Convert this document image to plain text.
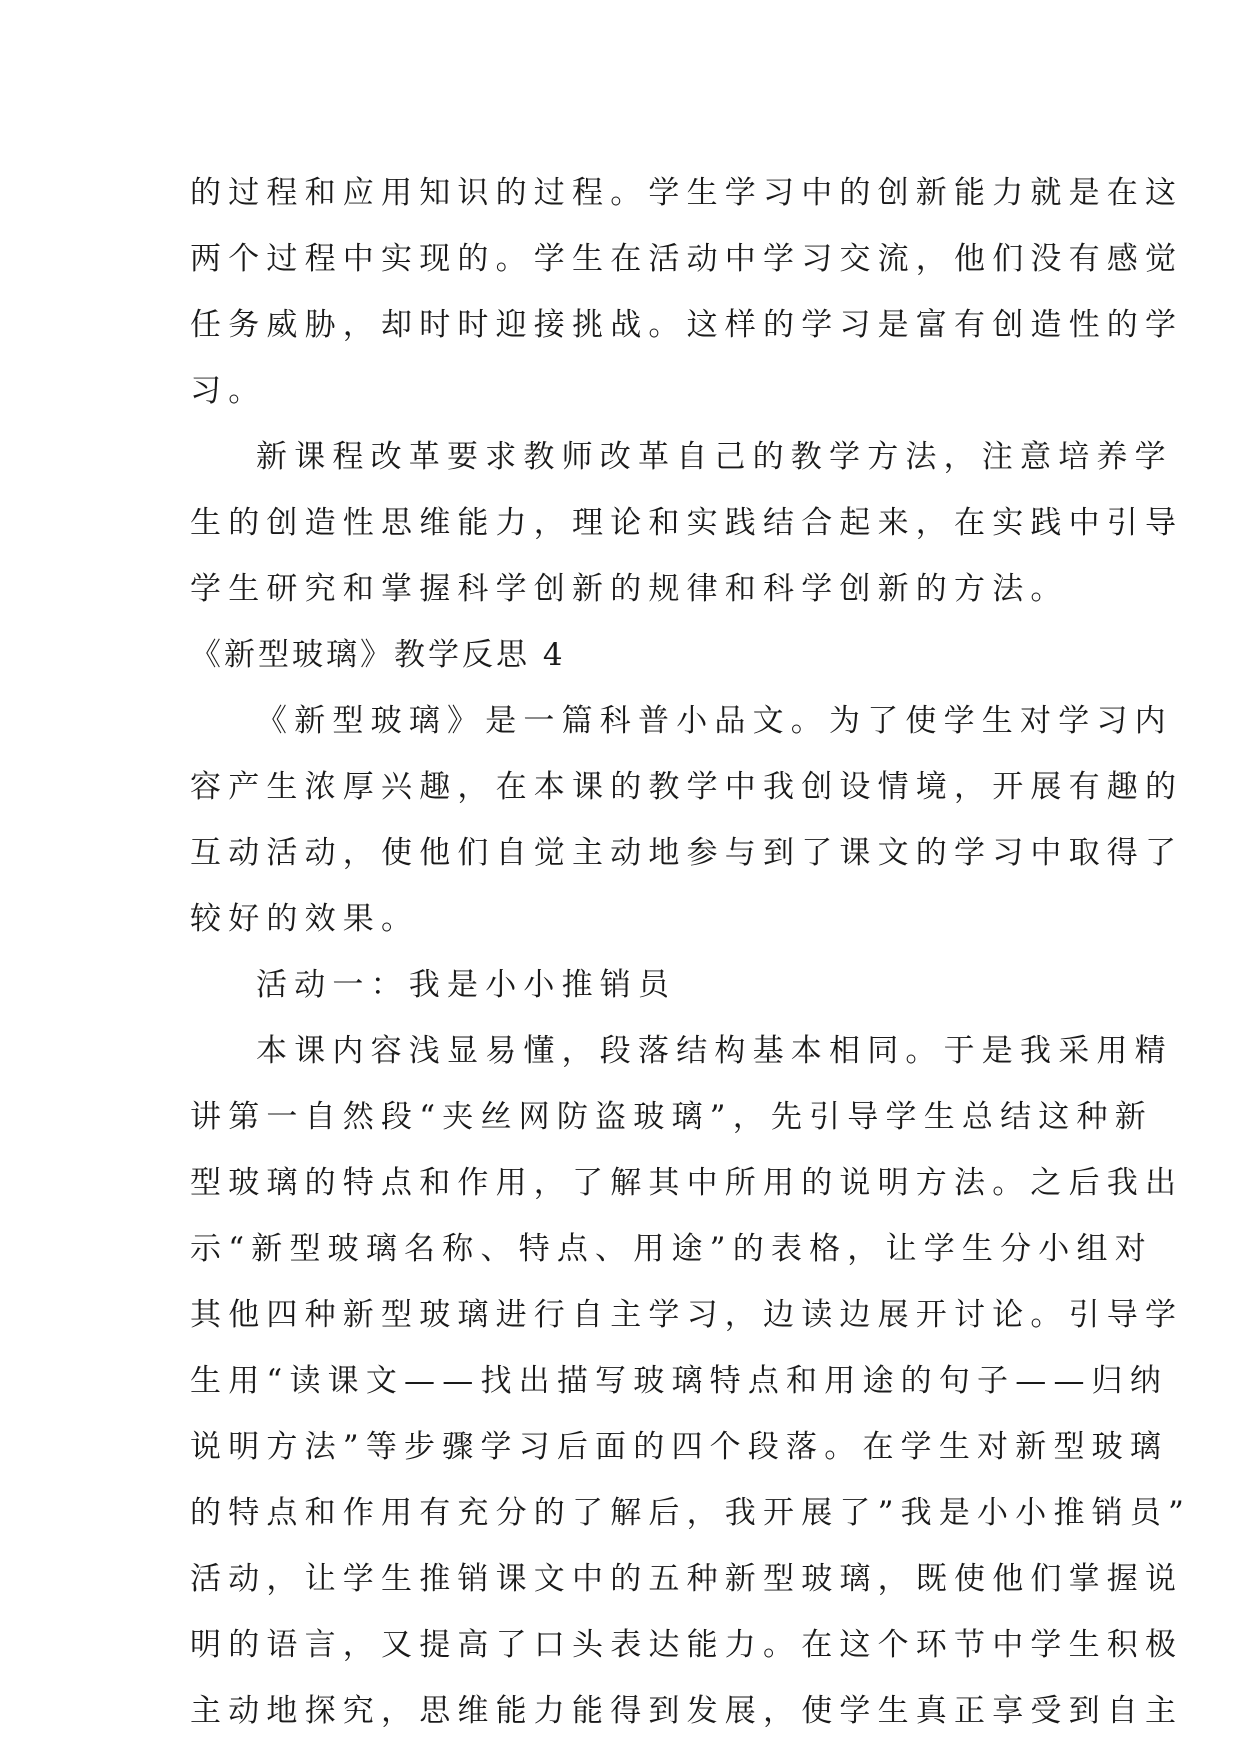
的过程和应用知识的过程。学生学习中的创新能力就是在这
两个过程中实现的。学生在活动中学习交流，他们没有感觉
任务威胁，却时时迎接挑战。这样的学习是富有创造性的学
习。
新课程改革要求教师改革自己的教学方法，注意培养学
生的创造性思维能力，理论和实践结合起来，在实践中引导
学生研究和掌握科学创新的规律和科学创新的方法。
《新型玻璃》教学反思 4
《新型玻璃》是一篇科普小品文。为了使学生对学习内
容产生浓厚兴趣，在本课的教学中我创设情境，开展有趣的
互动活动，使他们自觉主动地参与到了课文的学习中取得了
较好的效果。
活动一：我是小小推销员
本课内容浅显易懂，段落结构基本相同。于是我采用精
讲第一自然段“夹丝网防盗玻璃”，先引导学生总结这种新
型玻璃的特点和作用，了解其中所用的说明方法。之后我出
示“新型玻璃名称、特点、用途”的表格，让学生分小组对
其他四种新型玻璃进行自主学习，边读边展开讨论。引导学
生用“读课文——找出描写玻璃特点和用途的句子——归纳
说明方法”等步骤学习后面的四个段落。在学生对新型玻璃
的特点和作用有充分的了解后，我开展了”我是小小推销员”
活动，让学生推销课文中的五种新型玻璃，既使他们掌握说
明的语言，又提高了口头表达能力。在这个环节中学生积极
主动地探究，思维能力能得到发展，使学生真正享受到自主
